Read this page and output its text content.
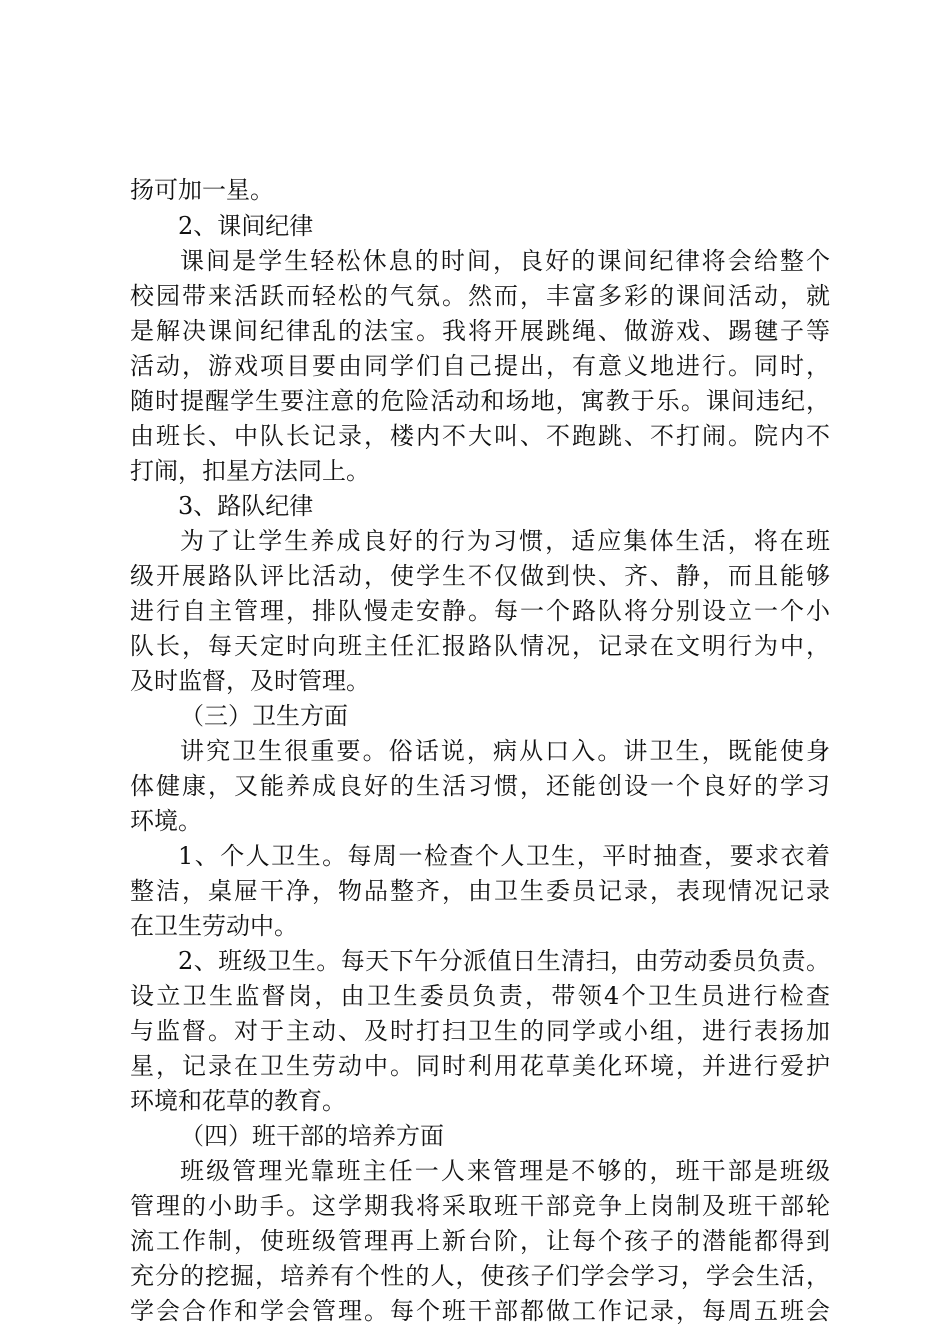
扬可加一星。
2、课间纪律
课间是学生轻松休息的时间，良好的课间纪律将会给整个
校园带来活跃而轻松的气氛。然而，丰富多彩的课间活动，就
是解决课间纪律乱的法宝。我将开展跳绳、做游戏、踢毽子等
活动，游戏项目要由同学们自己提出，有意义地进行。同时，
随时提醒学生要注意的危险活动和场地，寓教于乐。课间违纪，
由班长、中队长记录，楼内不大叫、不跑跳、不打闹。院内不
打闹，扣星方法同上。
3、路队纪律
为了让学生养成良好的行为习惯，适应集体生活，将在班
级开展路队评比活动，使学生不仅做到快、齐、静，而且能够
进行自主管理，排队慢走安静。每一个路队将分别设立一个小
队长，每天定时向班主任汇报路队情况，记录在文明行为中，
及时监督，及时管理。
（三）卫生方面
讲究卫生很重要。俗话说，病从口入。讲卫生，既能使身
体健康，又能养成良好的生活习惯，还能创设一个良好的学习
环境。
1、个人卫生。每周一检查个人卫生，平时抽查，要求衣着
整洁，桌屉干净，物品整齐，由卫生委员记录，表现情况记录
在卫生劳动中。
2、班级卫生。每天下午分派值日生清扫，由劳动委员负责。
设立卫生监督岗，由卫生委员负责，带领4个卫生员进行检查
与监督。对于主动、及时打扫卫生的同学或小组，进行表扬加
星，记录在卫生劳动中。同时利用花草美化环境，并进行爱护
环境和花草的教育。
（四）班干部的培养方面
班级管理光靠班主任一人来管理是不够的，班干部是班级
管理的小助手。这学期我将采取班干部竞争上岗制及班干部轮
流工作制，使班级管理再上新台阶，让每个孩子的潜能都得到
充分的挖掘，培养有个性的人，使孩子们学会学习，学会生活，
学会合作和学会管理。每个班干部都做工作记录，每周五班会
